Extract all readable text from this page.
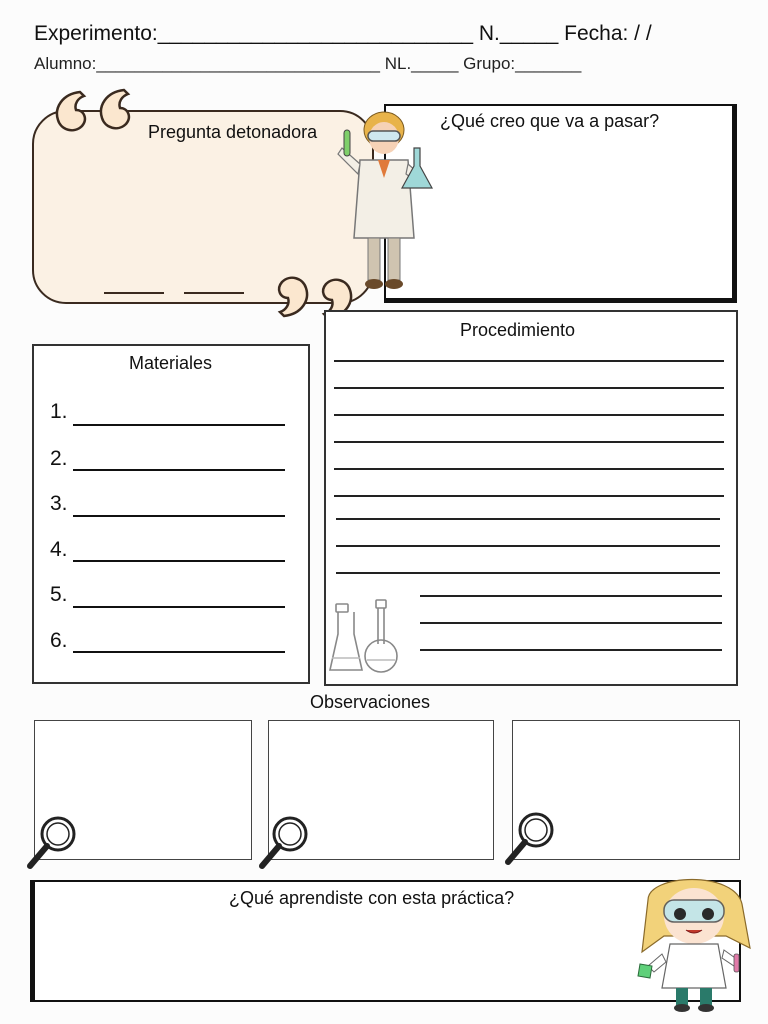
Experimento:___________________________ N._____ Fecha: / /
Alumno:______________________________ NL._____ Grupo:_______
Pregunta detonadora
¿Qué creo que va a pasar?
Procedimiento
Materiales
1.
2.
3.
4.
5.
6.
Observaciones
¿Qué aprendiste con esta práctica?
